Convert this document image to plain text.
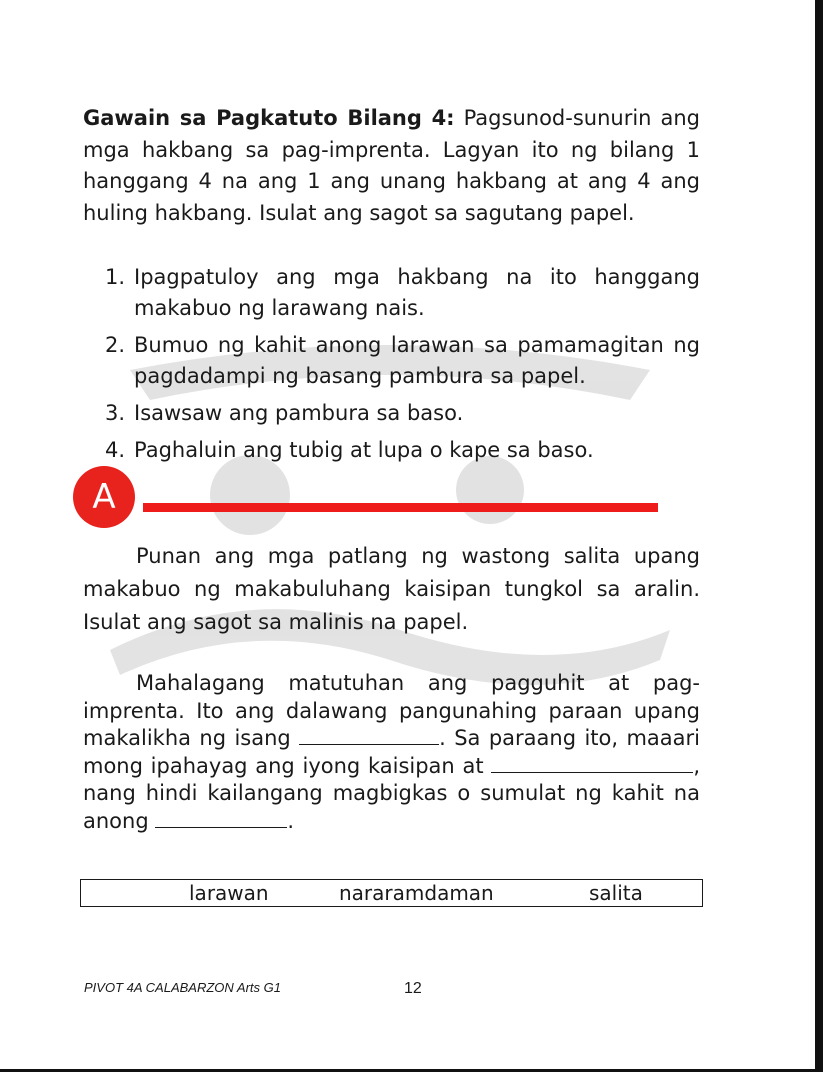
Gawain sa Pagkatuto Bilang 4: Pagsunod-sunurin ang mga hakbang sa pag-imprenta. Lagyan ito ng bilang 1 hanggang 4 na ang 1 ang unang hakbang at ang 4 ang huling hakbang. Isulat ang sagot sa sagutang papel.
1. Ipagpatuloy ang mga hakbang na ito hanggang makabuo ng larawang nais.
2. Bumuo ng kahit anong larawan sa pamamagitan ng pagdadampi ng basang pambura sa papel.
3. Isawsaw ang pambura sa baso.
4. Paghaluin ang tubig at lupa o kape sa baso.
A
Punan ang mga patlang ng wastong salita upang makabuo ng makabuluhang kaisipan tungkol sa aralin. Isulat ang sagot sa malinis na papel.
Mahalagang matutuhan ang pagguhit at pag-imprenta. Ito ang dalawang pangunahing paraan upang makalikha ng isang	. Sa paraang ito, maaari mong ipahayag ang iyong kaisipan at	, nang hindi kailangang magbigkas o sumulat ng kahit na anong	.
larawan	nararamdaman	salita
PIVOT 4A CALABARZON Arts G1	12
